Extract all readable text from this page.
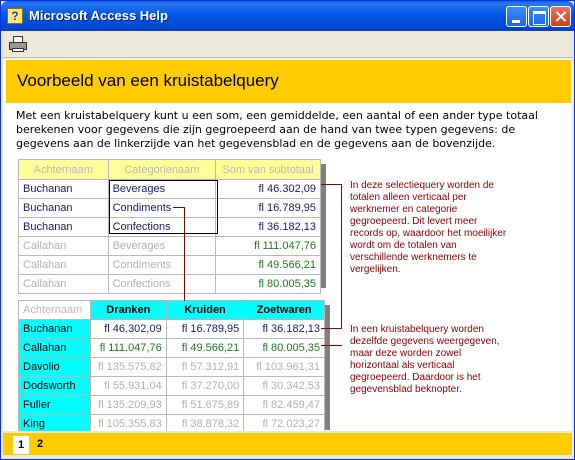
? Microsoft Access Help
Voorbeeld van een kruistabelquery
Met een kruistabelquery kunt u een som, een gemiddelde, een aantal of een ander type totaal berekenen voor gegevens die zijn gegroepeerd aan de hand van twee typen gegevens: de gegevens aan de linkerzijde van het gegevensblad en de gegevens aan de bovenzijde.
Achternaam	Categorienaam	Som van subtotaal
Buchanan	Beverages	fl 46.302,09
Buchanan	Condiments	fl 16.789,95
Buchanan	Confections	fl 36.182,13
Callahan	Beverages	fl 111.047,76
Callahan	Condiments	fl 49.566,21
Callahan	Confections	fl 80.005,35
Achternaam	Dranken	Kruiden	Zoetwaren
Buchanan	fl 46.302,09	fl 16.789,95	fl 36.182,13
Callahan	fl 111.047,76	fl 49.566,21	fl 80.005,35
Davolio	fl 135.575,82	fl 57.312,91	fl 103.961,31
Dodsworth	fl 55.931,04	fl 37.270,00	fl 30.342,53
Fuller	fl 135.209,93	fl 51.675,89	fl 82.459,47
King	fl 105.355,83	fl 38.878,32	fl 72.023,27
In deze selectiequery worden de totalen alleen verticaal per werknemer en categorie gegroepeerd. Dit levert meer records op, waardoor het moeilijker wordt om de totalen van verschillende werknemers te vergelijken.
In een kruistabelquery worden dezelfde gegevens weergegeven, maar deze worden zowel horizontaal als verticaal gegroepeerd. Daardoor is het gegevensblad beknopter.
1	2
